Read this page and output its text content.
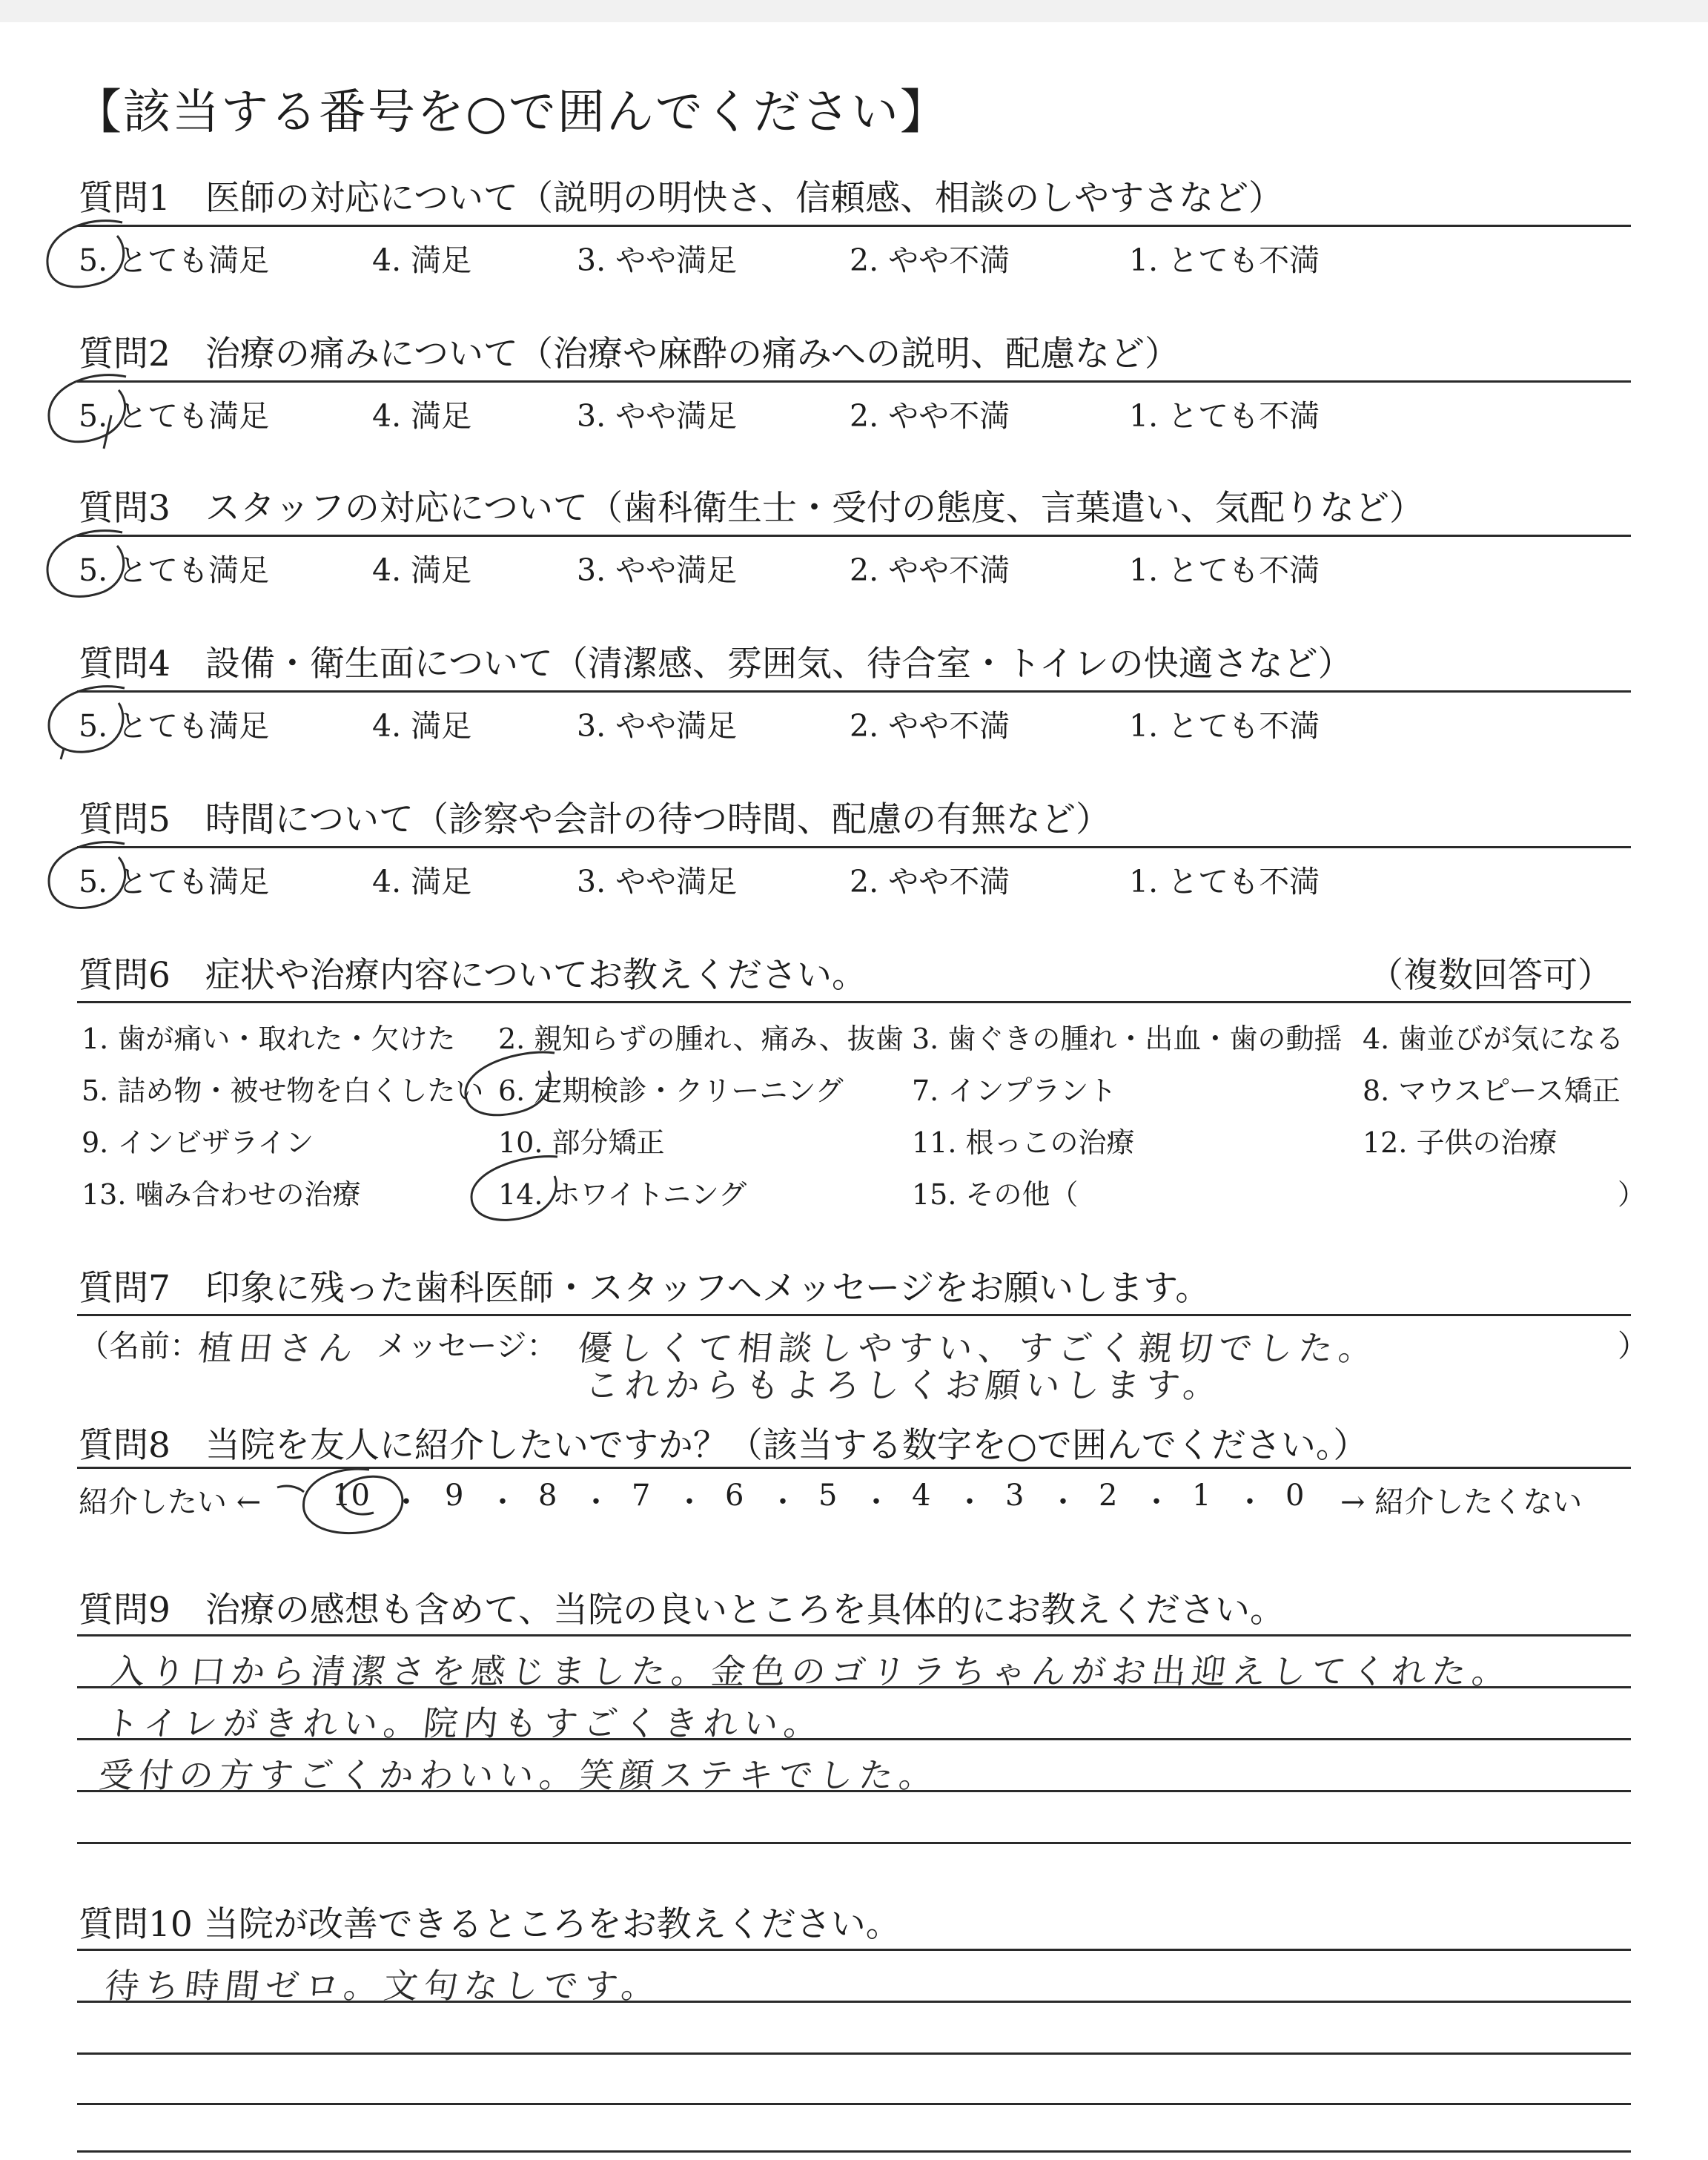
【該当する番号を○で囲んでください】
質問1　医師の対応について（説明の明快さ、信頼感、相談のしやすさなど）
5. とても満足	4. 満足	3. やや満足	2. やや不満	1. とても不満
質問2　治療の痛みについて（治療や麻酔の痛みへの説明、配慮など）
5. とても満足	4. 満足	3. やや満足	2. やや不満	1. とても不満
質問3　スタッフの対応について（歯科衛生士・受付の態度、言葉遣い、気配りなど）
5. とても満足	4. 満足	3. やや満足	2. やや不満	1. とても不満
質問4　設備・衛生面について（清潔感、雰囲気、待合室・トイレの快適さなど）
5. とても満足	4. 満足	3. やや満足	2. やや不満	1. とても不満
質問5　時間について（診察や会計の待つ時間、配慮の有無など）
5. とても満足	4. 満足	3. やや満足	2. やや不満	1. とても不満
質問6　症状や治療内容についてお教えください。	（複数回答可）
1. 歯が痛い・取れた・欠けた 2. 親知らずの腫れ、痛み、抜歯 3. 歯ぐきの腫れ・出血・歯の動揺 4. 歯並びが気になる
5. 詰め物・被せ物を白くしたい 6. 定期検診・クリーニング 7. インプラント	8. マウスピース矯正
9. インビザライン	10. 部分矯正	11. 根っこの治療	12. 子供の治療
13. 噛み合わせの治療	14. ホワイトニング	15. その他（	）
質問7　印象に残った歯科医師・スタッフへメッセージをお願いします。
（名前：
植田さん メッセージ： 優しくて相談しやすい、すごく親切でした。
これからもよろしくお願いします。
）
質問8　当院を友人に紹介したいですか？（該当する数字を○で囲んでください。）
紹介したい ← 10 ・ 9 ・ 8 ・ 7 ・ 6 ・ 5 ・ 4 ・ 3 ・ 2 ・ 1 ・ 0 → 紹介したくない
質問9　治療の感想も含めて、当院の良いところを具体的にお教えください。
入り口から清潔さを感じました。金色のゴリラちゃんがお出迎えしてくれた。
トイレがきれい。院内もすごくきれい。
受付の方すごくかわいい。笑顔ステキでした。
質問10 当院が改善できるところをお教えください。
待ち時間ゼロ。文句なしです。
